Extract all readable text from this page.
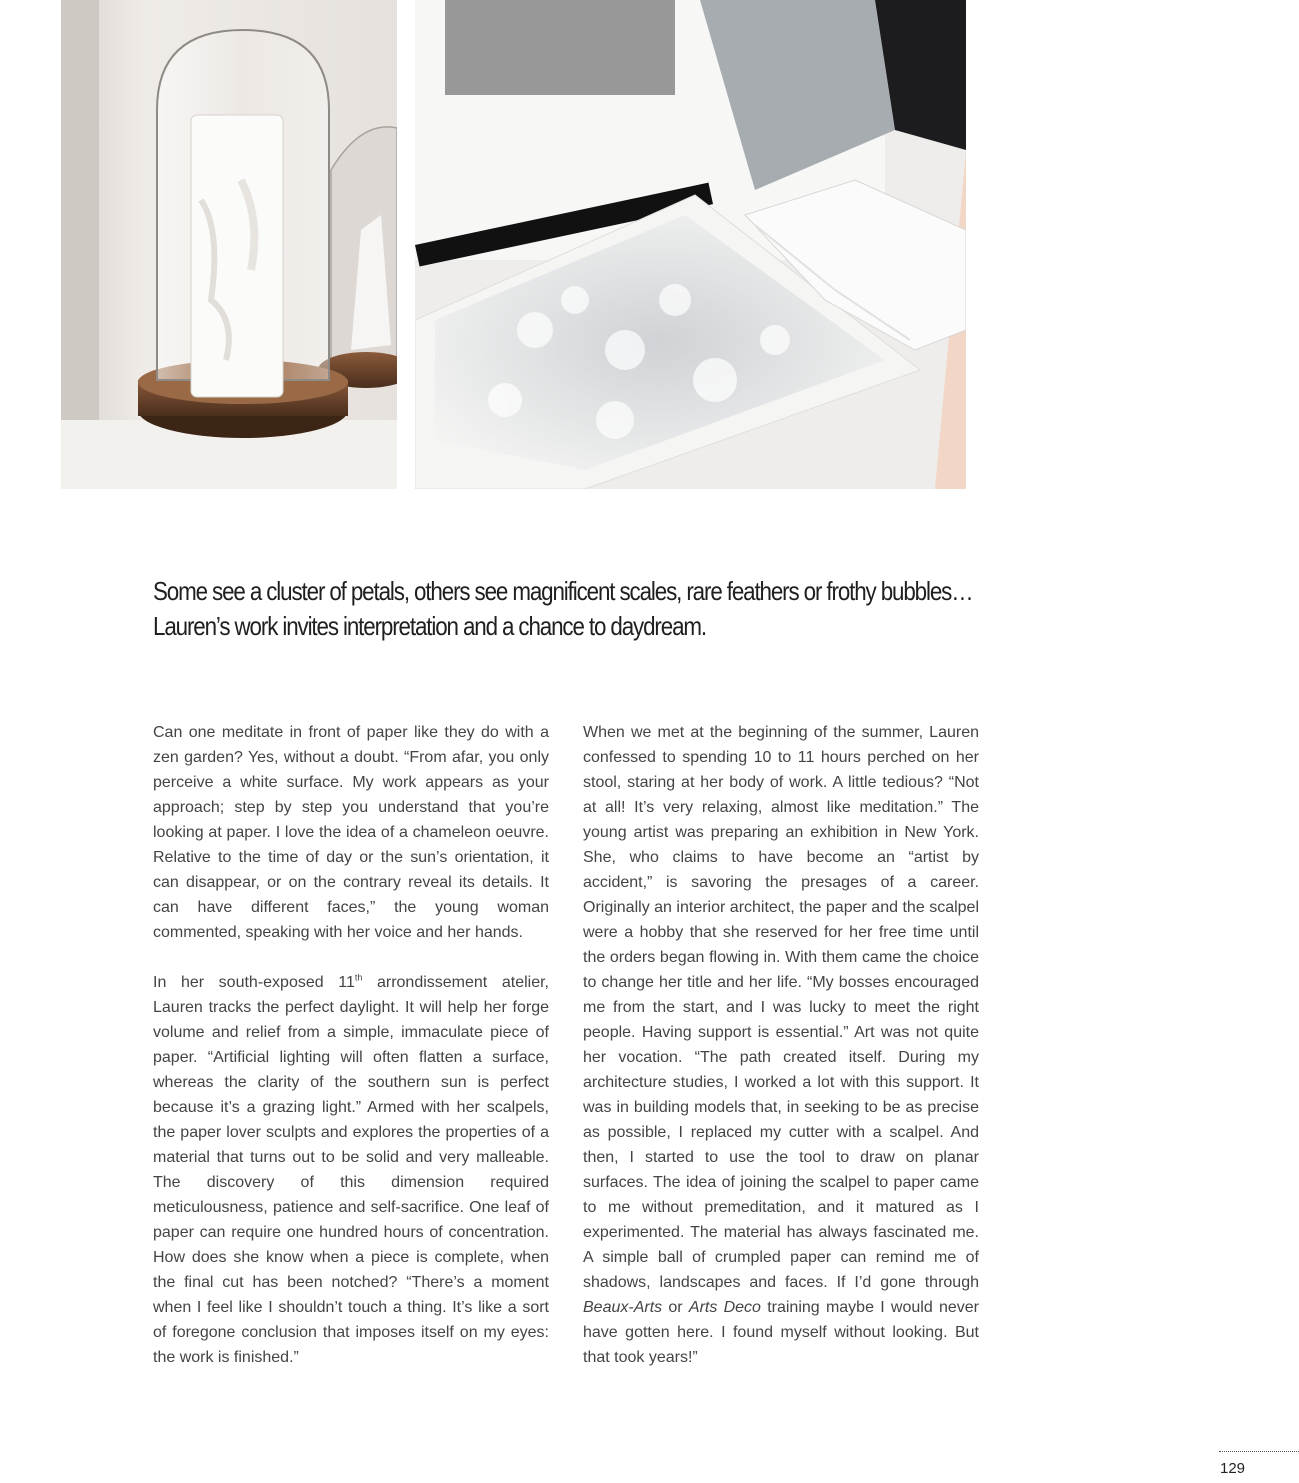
Some see a cluster of petals, others see magnificent scales, rare feathers or frothy bubbles…
Lauren’s work invites interpretation and a chance to daydream.

Can one meditate in front of paper like they do with a zen garden? Yes, without a doubt. “From afar, you only perceive a white surface. My work appears as your approach; step by step you understand that you’re looking at paper. I love the idea of a chameleon oeuvre. Relative to the time of day or the sun’s orientation, it can disappear, or on the contrary reveal its details. It can have different faces,” the young woman commented, speaking with her voice and her hands.

In her south-exposed 11th arrondissement atelier, Lauren tracks the perfect daylight. It will help her forge volume and relief from a simple, immaculate piece of paper. “Artificial lighting will often flatten a surface, whereas the clarity of the southern sun is perfect because it’s a grazing light.” Armed with her scalpels, the paper lover sculpts and explores the properties of a material that turns out to be solid and very malleable. The discovery of this dimension required meticulousness, patience and self-sacrifice. One leaf of paper can require one hundred hours of concentration. How does she know when a piece is complete, when the final cut has been notched? “There’s a moment when I feel like I shouldn’t touch a thing. It’s like a sort of foregone conclusion that imposes itself on my eyes: the work is finished.”

When we met at the beginning of the summer, Lauren confessed to spending 10 to 11 hours perched on her stool, staring at her body of work. A little tedious? “Not at all! It’s very relaxing, almost like meditation.” The young artist was preparing an exhibition in New York. She, who claims to have become an “artist by accident,” is savoring the presages of a career. Originally an interior architect, the paper and the scalpel were a hobby that she reserved for her free time until the orders began flowing in. With them came the choice to change her title and her life. “My bosses encouraged me from the start, and I was lucky to meet the right people. Having support is essential.” Art was not quite her vocation. “The path created itself. During my architecture studies, I worked a lot with this support. It was in building models that, in seeking to be as precise as possible, I replaced my cutter with a scalpel. And then, I started to use the tool to draw on planar surfaces. The idea of joining the scalpel to paper came to me without premeditation, and it matured as I experimented. The material has always fascinated me. A simple ball of crumpled paper can remind me of shadows, landscapes and faces. If I’d gone through Beaux-Arts or Arts Deco training maybe I would never have gotten here. I found myself without looking. But that took years!”

129
